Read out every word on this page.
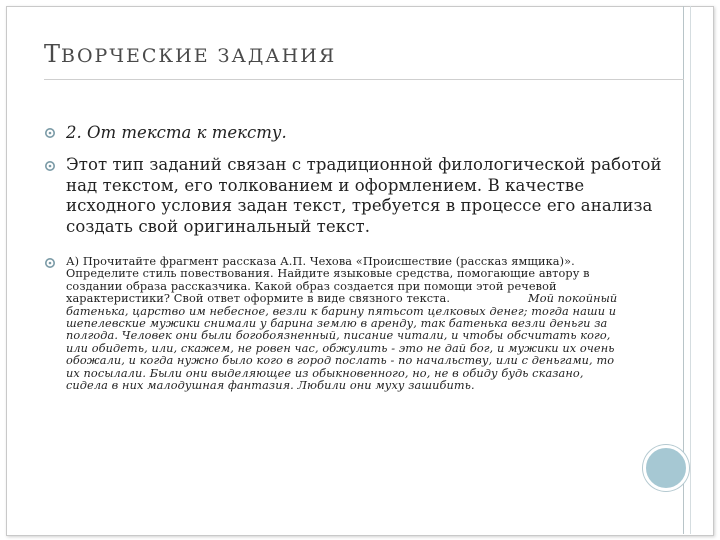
ТВОРЧЕСКИЕ ЗАДАНИЯ

2. От текста к тексту.

Этот тип заданий связан с традиционной филологической работой над текстом, его толкованием и оформлением. В качестве исходного условия задан текст, требуется в процессе его анализа создать свой оригинальный текст.

А) Прочитайте фрагмент рассказа А.П. Чехова «Происшествие (рассказ ямщика)». Определите стиль повествования. Найдите языковые средства, помогающие автору в создании образа рассказчика. Какой образ создается при помощи этой речевой характеристики? Свой ответ оформите в виде связного текста.	Мой покойный батенька, царство им небесное, везли к барину пятьсот целковых денег; тогда наши и шепелевские мужики снимали у барина землю в аренду, так батенька везли деньги за полгода. Человек они были богобоязненный, писание читали, и чтобы обсчитать кого, или обидеть, или, скажем, не ровен час, обжулить - это не дай бог, и мужики их очень обожали, и когда нужно было кого в город послать - по начальству, или с деньгами, то их посылали. Были они выделяющее из обыкновенного, но, не в обиду будь сказано, сидела в них малодушная фантазия. Любили они муху зашибить.
